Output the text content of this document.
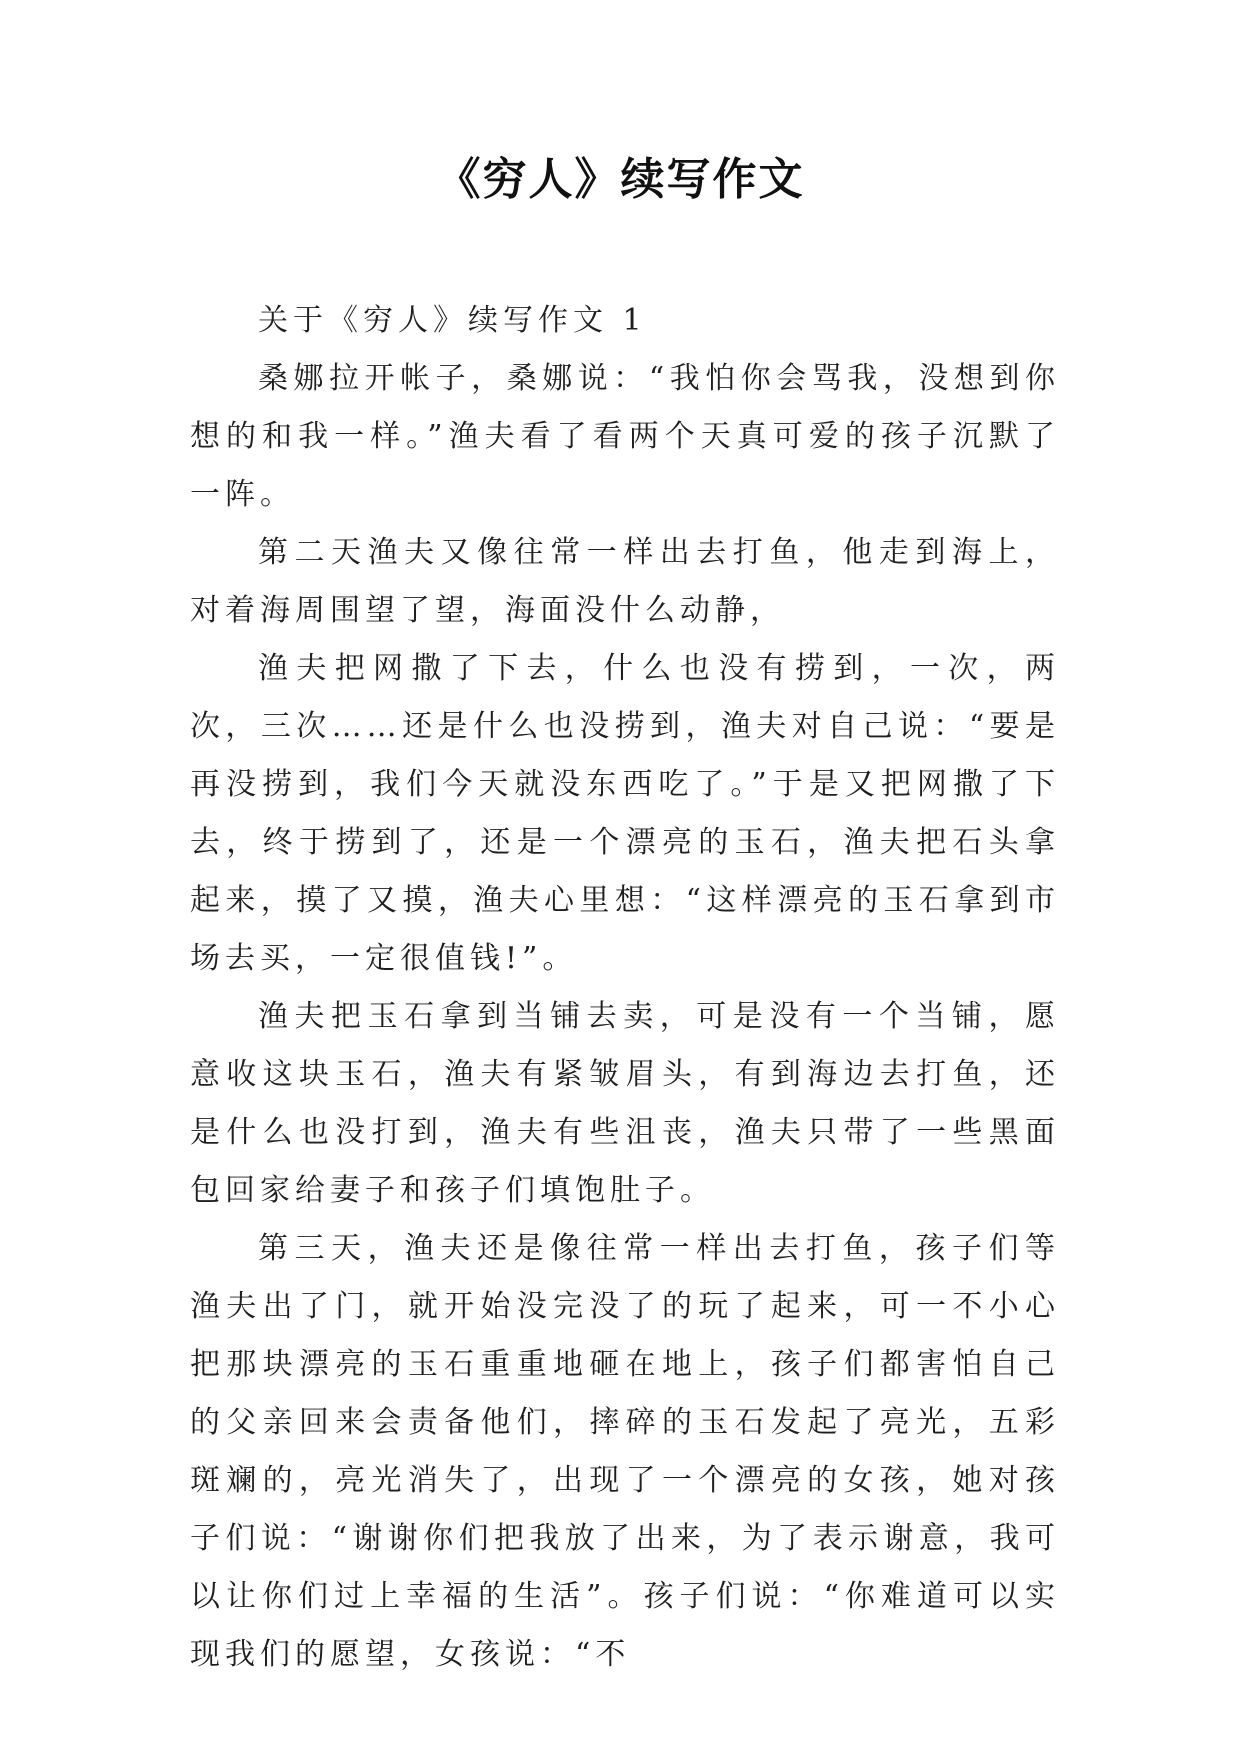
《穷人》续写作文

关于《穷人》续写作文 1

桑娜拉开帐子，桑娜说：“我怕你会骂我，没想到你想的和我一样。”渔夫看了看两个天真可爱的孩子沉默了一阵。

第二天渔夫又像往常一样出去打鱼，他走到海上，对着海周围望了望，海面没什么动静，

渔夫把网撒了下去，什么也没有捞到，一次，两次，三次……还是什么也没捞到，渔夫对自己说：“要是再没捞到，我们今天就没东西吃了。”于是又把网撒了下去，终于捞到了，还是一个漂亮的玉石，渔夫把石头拿起来，摸了又摸，渔夫心里想：“这样漂亮的玉石拿到市场去买，一定很值钱!”。

渔夫把玉石拿到当铺去卖，可是没有一个当铺，愿意收这块玉石，渔夫有紧皱眉头，有到海边去打鱼，还是什么也没打到，渔夫有些沮丧，渔夫只带了一些黑面包回家给妻子和孩子们填饱肚子。

第三天，渔夫还是像往常一样出去打鱼，孩子们等渔夫出了门，就开始没完没了的玩了起来，可一不小心把那块漂亮的玉石重重地砸在地上，孩子们都害怕自己的父亲回来会责备他们，摔碎的玉石发起了亮光，五彩斑斓的，亮光消失了，出现了一个漂亮的女孩，她对孩子们说：“谢谢你们把我放了出来，为了表示谢意，我可以让你们过上幸福的生活”。孩子们说：“你难道可以实现我们的愿望，女孩说：“不
